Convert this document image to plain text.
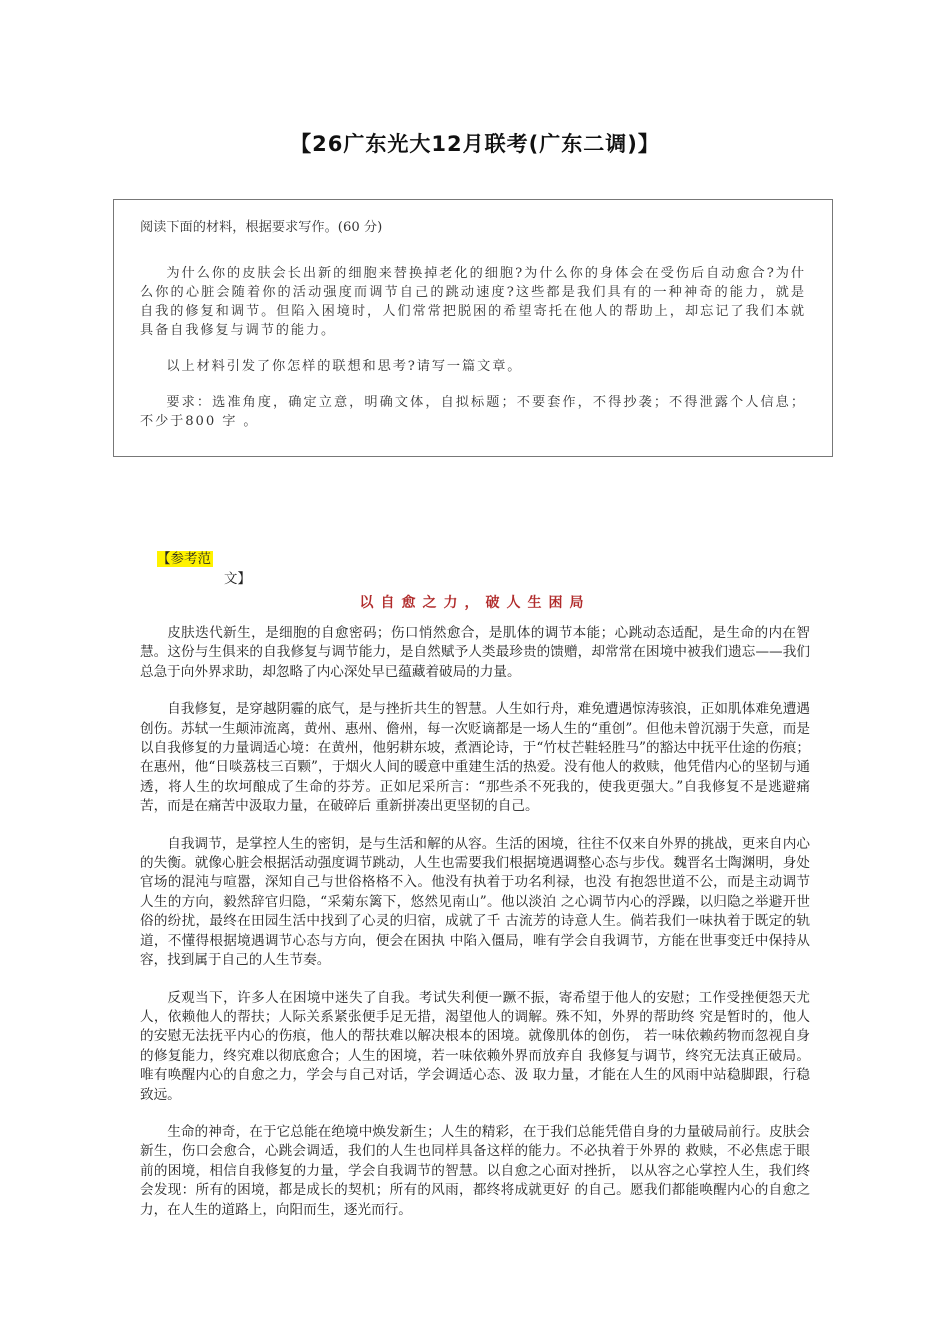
【26广东光大12月联考(广东二调)】

阅读下面的材料，根据要求写作。(60 分)

为什么你的皮肤会长出新的细胞来替换掉老化的细胞?为什么你的身体会在受伤后自动愈合?为什么你的心脏会随着你的活动强度而调节自己的跳动速度?这些都是我们具有的一种神奇的能力，就是自我的修复和调节。但陷入困境时，人们常常把脱困的希望寄托在他人的帮助上，却忘记了我们本就具备自我修复与调节的能力。

以上材料引发了你怎样的联想和思考?请写一篇文章。

要求：选准角度，确定立意，明确文体，自拟标题；不要套作，不得抄袭；不得泄露个人信息；不少于800 字 。

【参考范
文】
以自愈之力，破人生困局

皮肤迭代新生，是细胞的自愈密码；伤口悄然愈合，是肌体的调节本能；心跳动态适配，是生命的内在智慧。这份与生俱来的自我修复与调节能力，是自然赋予人类最珍贵的馈赠，却常常在困境中被我们遗忘——我们总急于向外界求助，却忽略了内心深处早已蕴藏着破局的力量。

自我修复，是穿越阴霾的底气，是与挫折共生的智慧。人生如行舟，难免遭遇惊涛骇浪，正如肌体难免遭遇创伤。苏轼一生颠沛流离，黄州、惠州、儋州，每一次贬谪都是一场人生的“重创”。但他未曾沉溺于失意，而是以自我修复的力量调适心境：在黄州，他躬耕东坡，煮酒论诗，于“竹杖芒鞋轻胜马”的豁达中抚平仕途的伤痕；在惠州，他“日啖荔枝三百颗”，于烟火人间的暖意中重建生活的热爱。没有他人的救赎，他凭借内心的坚韧与通透，将人生的坎坷酿成了生命的芬芳。正如尼采所言：“那些杀不死我的，使我更强大。”自我修复不是逃避痛苦，而是在痛苦中汲取力量，在破碎后 重新拼凑出更坚韧的自己。

自我调节，是掌控人生的密钥，是与生活和解的从容。生活的困境，往往不仅来自外界的挑战，更来自内心的失衡。就像心脏会根据活动强度调节跳动，人生也需要我们根据境遇调整心态与步伐。魏晋名士陶渊明，身处官场的混沌与喧嚣，深知自己与世俗格格不入。他没有执着于功名利禄，也没 有抱怨世道不公，而是主动调节人生的方向，毅然辞官归隐，“采菊东篱下，悠然见南山”。他以淡泊 之心调节内心的浮躁，以归隐之举避开世俗的纷扰，最终在田园生活中找到了心灵的归宿，成就了千 古流芳的诗意人生。倘若我们一味执着于既定的轨道，不懂得根据境遇调节心态与方向，便会在困执 中陷入僵局，唯有学会自我调节，方能在世事变迁中保持从容，找到属于自己的人生节奏。

反观当下，许多人在困境中迷失了自我。考试失利便一蹶不振，寄希望于他人的安慰；工作受挫便怨天尤人，依赖他人的帮扶；人际关系紧张便手足无措，渴望他人的调解。殊不知，外界的帮助终 究是暂时的，他人的安慰无法抚平内心的伤痕，他人的帮扶难以解决根本的困境。就像肌体的创伤， 若一味依赖药物而忽视自身的修复能力，终究难以彻底愈合；人生的困境，若一味依赖外界而放弃自 我修复与调节，终究无法真正破局。唯有唤醒内心的自愈之力，学会与自己对话，学会调适心态、汲 取力量，才能在人生的风雨中站稳脚跟，行稳致远。

生命的神奇，在于它总能在绝境中焕发新生；人生的精彩，在于我们总能凭借自身的力量破局前行。皮肤会新生，伤口会愈合，心跳会调适，我们的人生也同样具备这样的能力。不必执着于外界的 救赎，不必焦虑于眼前的困境，相信自我修复的力量，学会自我调节的智慧。以自愈之心面对挫折， 以从容之心掌控人生，我们终会发现：所有的困境，都是成长的契机；所有的风雨，都终将成就更好 的自己。愿我们都能唤醒内心的自愈之力，在人生的道路上，向阳而生，逐光而行。
